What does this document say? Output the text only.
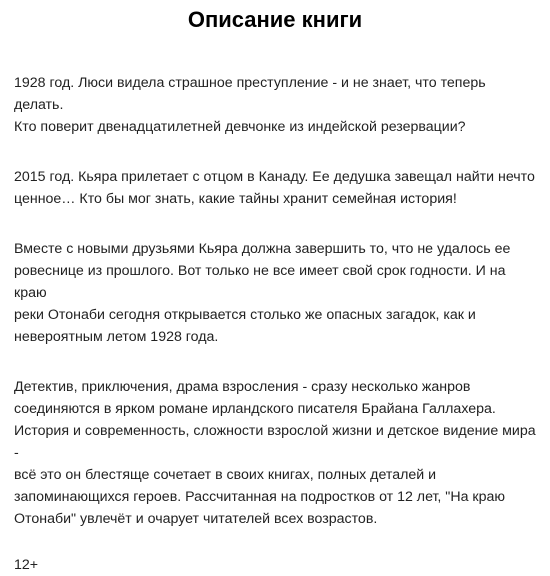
Описание книги

1928 год. Люси видела страшное преступление - и не знает, что теперь делать.
Кто поверит двенадцатилетней девчонке из индейской резервации?

2015 год. Кьяра прилетает с отцом в Канаду. Ее дедушка завещал найти нечто
ценное… Кто бы мог знать, какие тайны хранит семейная история!

Вместе с новыми друзьями Кьяра должна завершить то, что не удалось ее
ровеснице из прошлого. Вот только не все имеет свой срок годности. И на краю
реки Отонаби сегодня открывается столько же опасных загадок, как и
невероятным летом 1928 года.

Детектив, приключения, драма взросления - сразу несколько жанров
соединяются в ярком романе ирландского писателя Брайана Галлахера.
История и современность, сложности взрослой жизни и детское видение мира -
всё это он блестяще сочетает в своих книгах, полных деталей и
запоминающихся героев. Рассчитанная на подростков от 12 лет, "На краю
Отонаби" увлечёт и очарует читателей всех возрастов.

12+
